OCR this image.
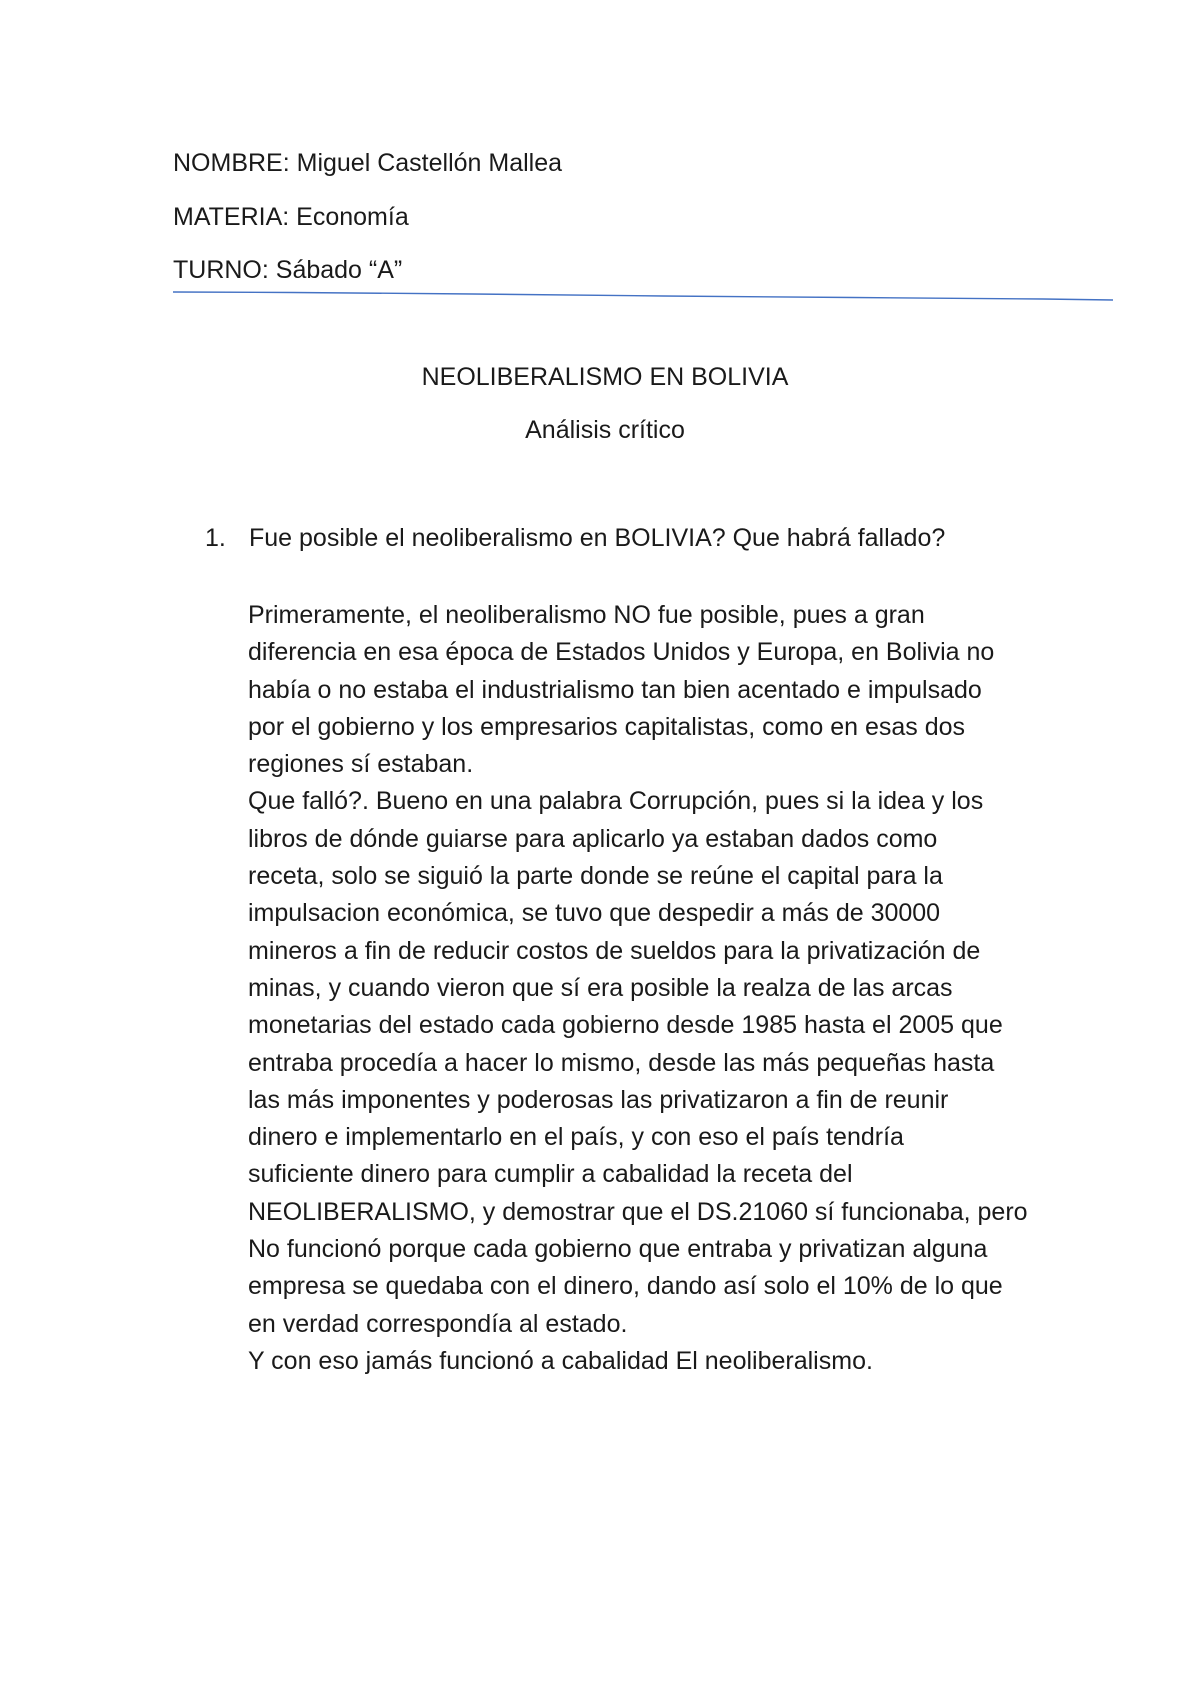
NOMBRE: Miguel Castellón Mallea
MATERIA: Economía
TURNO: Sábado “A”
NEOLIBERALISMO EN BOLIVIA
Análisis crítico
1. Fue posible el neoliberalismo en BOLIVIA? Que habrá fallado?

Primeramente, el neoliberalismo NO fue posible, pues a gran

diferencia en esa época de Estados Unidos y Europa, en Bolivia no

había o no estaba el industrialismo tan bien acentado e impulsado

por el gobierno y los empresarios capitalistas, como en esas dos

regiones sí estaban.

Que falló?. Bueno en una palabra Corrupción, pues si la idea y los

libros de dónde guiarse para aplicarlo ya estaban dados como

receta, solo se siguió la parte donde se reúne el capital para la

impulsacion económica, se tuvo que despedir a más de 30000

mineros a fin de reducir costos de sueldos para la privatización de

minas, y cuando vieron que sí era posible la realza de las arcas

monetarias del estado cada gobierno desde 1985 hasta el 2005 que

entraba procedía a hacer lo mismo, desde las más pequeñas hasta

las más imponentes y poderosas las privatizaron a fin de reunir

dinero e implementarlo en el país, y con eso el país tendría

suficiente dinero para cumplir a cabalidad la receta del

NEOLIBERALISMO, y demostrar que el DS.21060 sí funcionaba, pero

No funcionó porque cada gobierno que entraba y privatizan alguna

empresa se quedaba con el dinero, dando así solo el 10% de lo que

en verdad correspondía al estado.

Y con eso jamás funcionó a cabalidad El neoliberalismo.
